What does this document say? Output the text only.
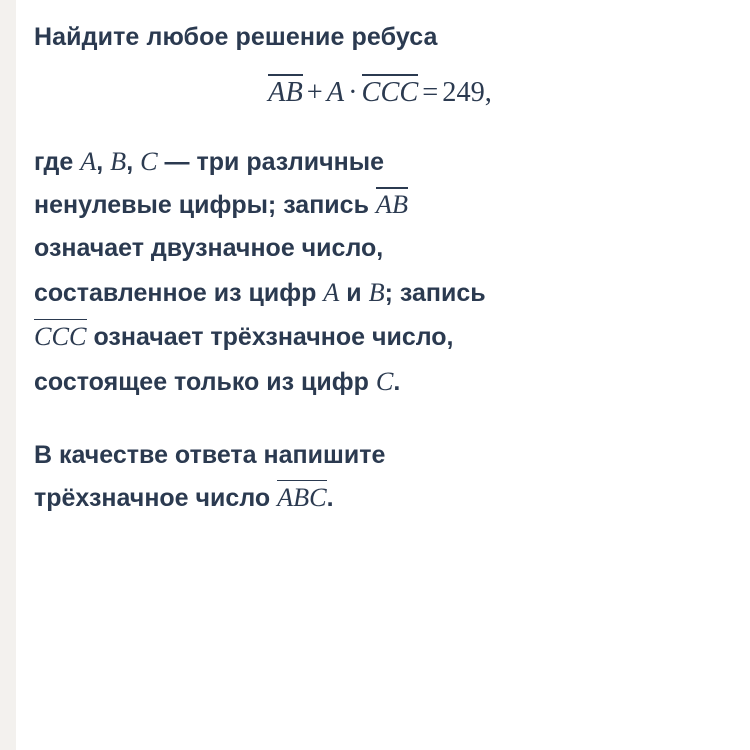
Найдите любое решение ребуса

AB + A · CCC = 249,

где A, B, C — три различные
ненулевые цифры; запись AB
означает двузначное число,
составленное из цифр A и B; запись
CCC означает трёхзначное число,
состоящее только из цифр C.

В качестве ответа напишите
трёхзначное число ABC.
